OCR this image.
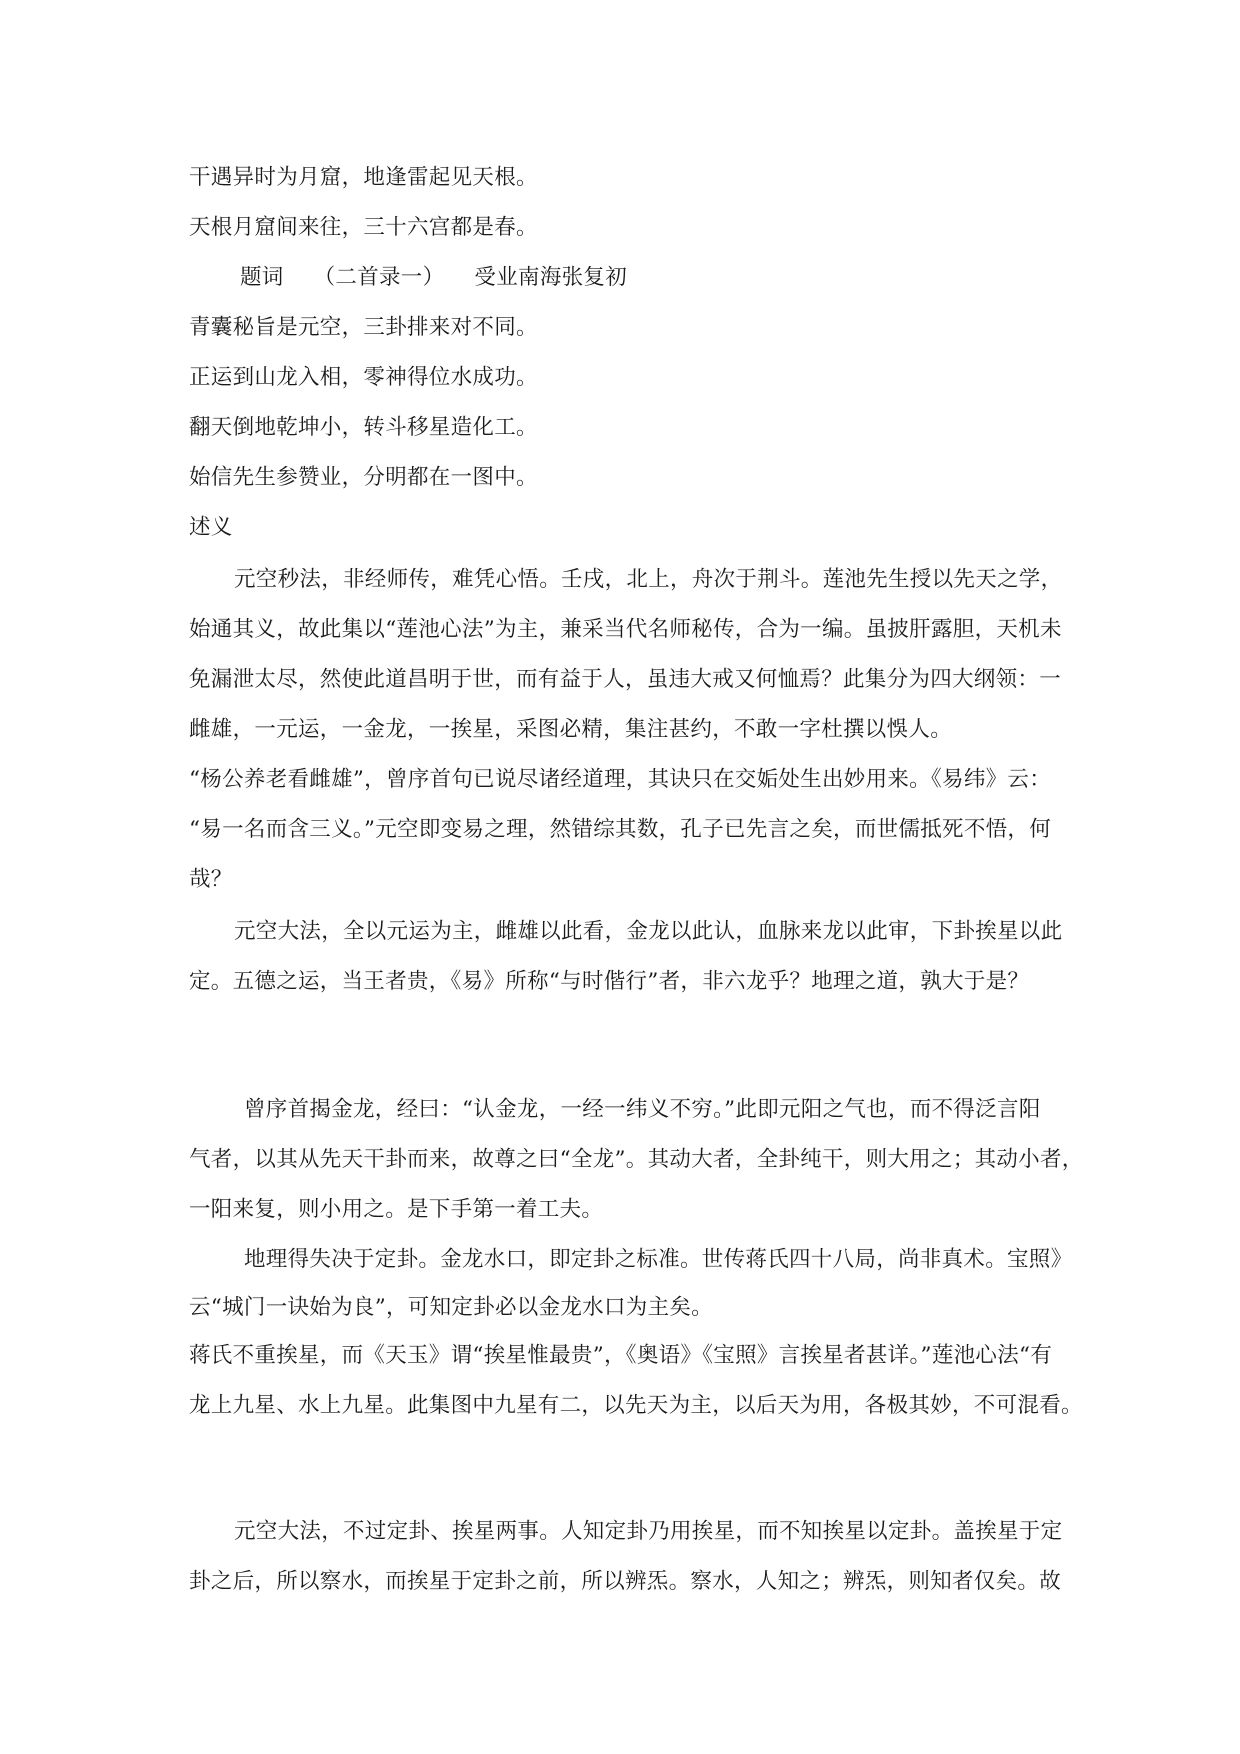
干遇异时为月窟，地逢雷起见天根。

天根月窟间来往，三十六宫都是春。

题词 （二首录一） 受业南海张复初

青囊秘旨是元空，三卦排来对不同。

正运到山龙入相，零神得位水成功。

翻天倒地乾坤小，转斗移星造化工。

始信先生参赞业，分明都在一图中。

述义

元空秒法，非经师传，难凭心悟。壬戌，北上，舟次于荆斗。莲池先生授以先天之学，

始通其义，故此集以“莲池心法”为主，兼采当代名师秘传，合为一编。虽披肝露胆，天机未

免漏泄太尽，然使此道昌明于世，而有益于人，虽违大戒又何恤焉？此集分为四大纲领：一

雌雄，一元运，一金龙，一挨星，采图必精，集注甚约，不敢一字杜撰以悞人。

“杨公养老看雌雄”，曾序首句已说尽诸经道理，其诀只在交姤处生出妙用来。《易纬》云：

“易一名而含三义。”元空即变易之理，然错综其数，孔子已先言之矣，而世儒抵死不悟，何

哉？

元空大法，全以元运为主，雌雄以此看，金龙以此认，血脉来龙以此审，下卦挨星以此

定。五德之运，当王者贵，《易》所称“与时偕行”者，非六龙乎？地理之道，孰大于是？

曾序首揭金龙，经曰：“认金龙，一经一纬义不穷。”此即元阳之气也，而不得泛言阳

气者，以其从先天干卦而来，故尊之曰“全龙”。其动大者，全卦纯干，则大用之；其动小者，

一阳来复，则小用之。是下手第一着工夫。

地理得失决于定卦。金龙水口，即定卦之标准。世传蒋氏四十八局，尚非真术。宝照》

云“城门一诀始为良”，可知定卦必以金龙水口为主矣。

蒋氏不重挨星，而《天玉》谓“挨星惟最贵”，《奥语》《宝照》言挨星者甚详。”莲池心法“有

龙上九星、水上九星。此集图中九星有二，以先天为主，以后天为用，各极其妙，不可混看。

元空大法，不过定卦、挨星两事。人知定卦乃用挨星，而不知挨星以定卦。盖挨星于定

卦之后，所以察水，而挨星于定卦之前，所以辨炁。察水，人知之；辨炁，则知者仅矣。故
